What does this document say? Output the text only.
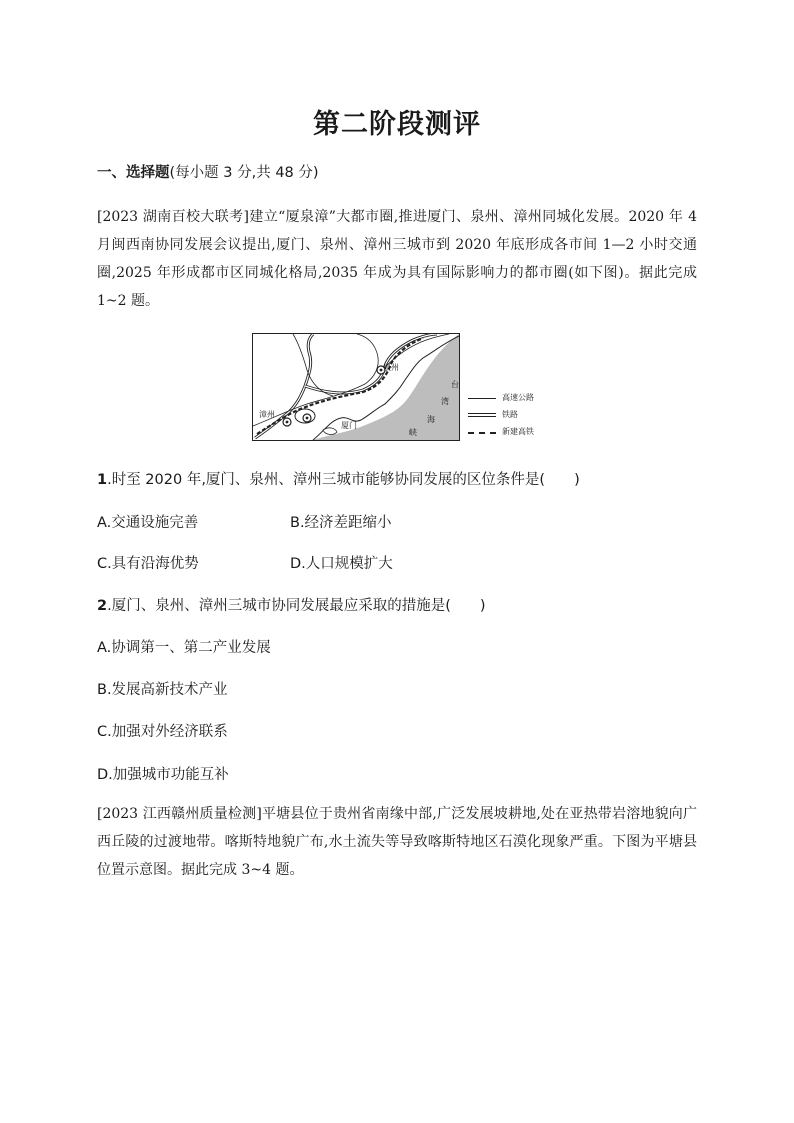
第二阶段测评
一、选择题(每小题 3 分,共 48 分)
[2023 湖南百校大联考]建立“厦泉漳”大都市圈,推进厦门、泉州、漳州同城化发展。2020 年 4 月闽西南协同发展会议提出,厦门、泉州、漳州三城市到 2020 年底形成各市间 1—2 小时交通圈,2025 年形成都市区同城化格局,2035 年成为具有国际影响力的都市圈(如下图)。据此完成 1~2 题。
泉州
漳州
厦门
台
湾
海
峡
高速公路
铁路
新建高铁
1.时至 2020 年,厦门、泉州、漳州三城市能够协同发展的区位条件是(　　)
A.交通设施完善	B.经济差距缩小
C.具有沿海优势	D.人口规模扩大
2.厦门、泉州、漳州三城市协同发展最应采取的措施是(　　)
A.协调第一、第二产业发展
B.发展高新技术产业
C.加强对外经济联系
D.加强城市功能互补
[2023 江西赣州质量检测]平塘县位于贵州省南缘中部,广泛发展坡耕地,处在亚热带岩溶地貌向广西丘陵的过渡地带。喀斯特地貌广布,水土流失等导致喀斯特地区石漠化现象严重。下图为平塘县位置示意图。据此完成 3~4 题。
